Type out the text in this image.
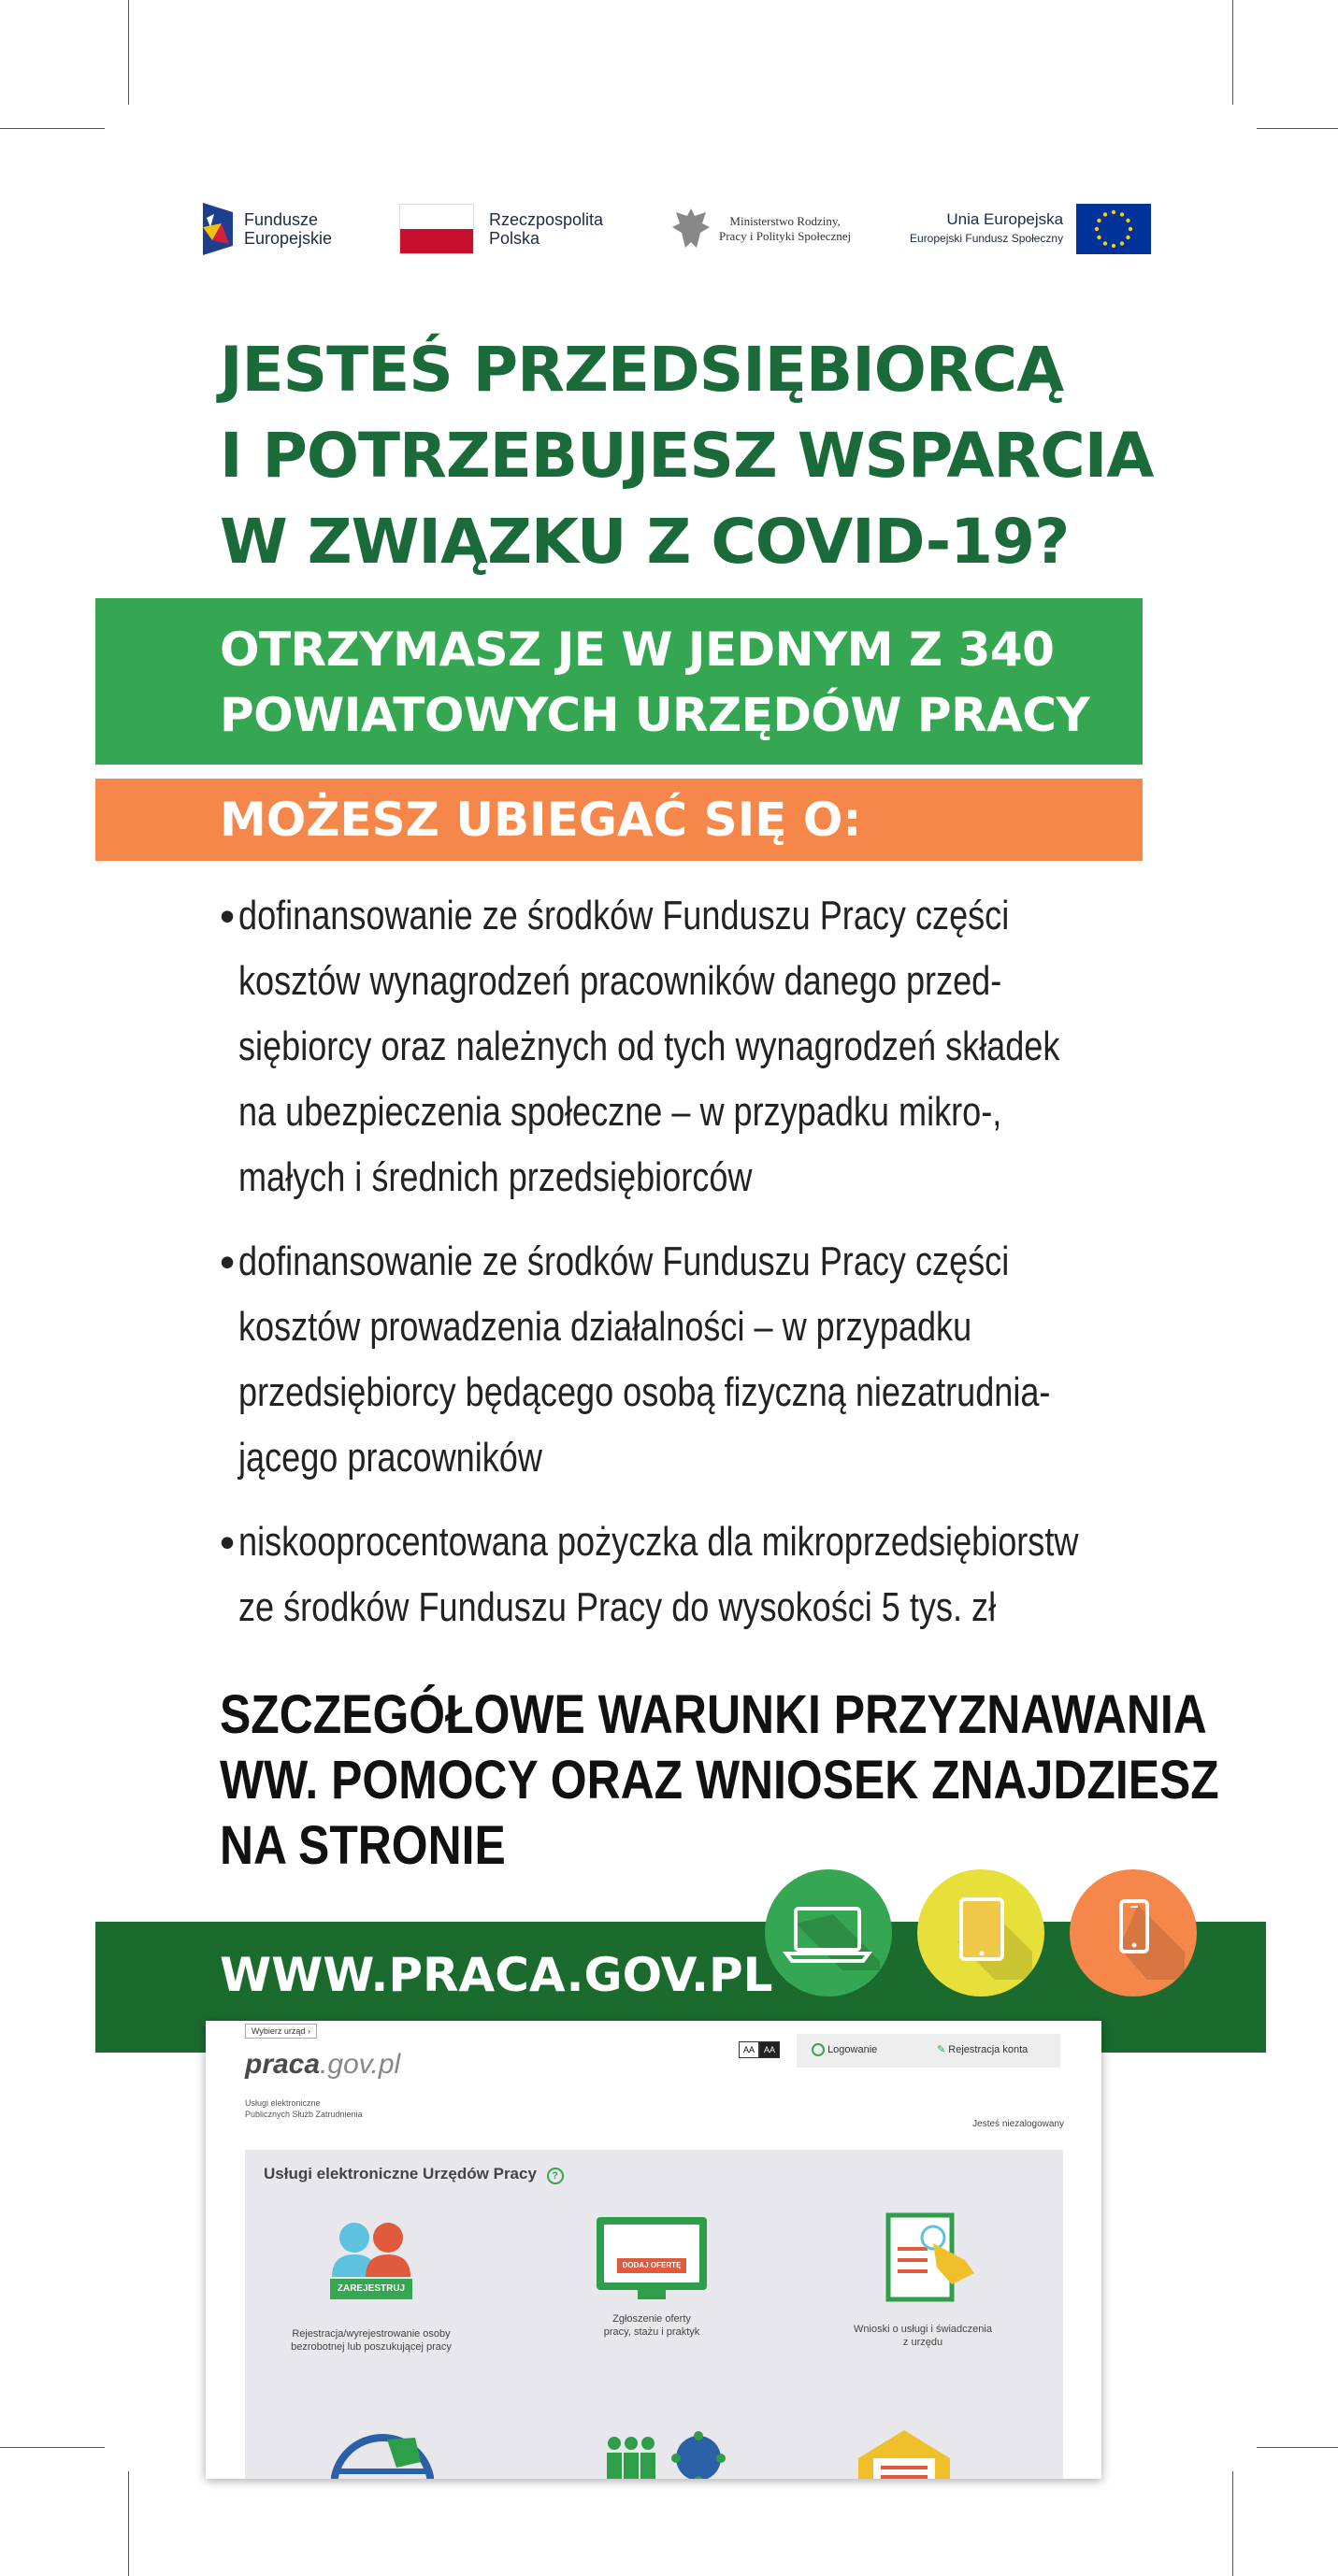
Fundusze
Europejskie
Rzeczpospolita
Polska
Ministerstwo Rodziny,
Pracy i Polityki Społecznej
Unia Europejska
Europejski Fundusz Społeczny
JESTEŚ PRZEDSIĘBIORCĄ
I POTRZEBUJESZ WSPARCIA
W ZWIĄZKU Z COVID-19?
OTRZYMASZ JE W JEDNYM Z 340
POWIATOWYCH URZĘDÓW PRACY
MOŻESZ UBIEGAĆ SIĘ O:
• dofinansowanie ze środków Funduszu Pracy części
kosztów wynagrodzeń pracowników danego przed-
siębiorcy oraz należnych od tych wynagrodzeń składek
na ubezpieczenia społeczne – w przypadku mikro-,
małych i średnich przedsiębiorców
• dofinansowanie ze środków Funduszu Pracy części
kosztów prowadzenia działalności – w przypadku
przedsiębiorcy będącego osobą fizyczną niezatrudnia-
jącego pracowników
• niskooprocentowana pożyczka dla mikroprzedsiębiorstw
ze środków Funduszu Pracy do wysokości 5 tys. zł
SZCZEGÓŁOWE WARUNKI PRZYZNAWANIA
WW. POMOCY ORAZ WNIOSEK ZNAJDZIESZ
NA STRONIE
WWW.PRACA.GOV.PL
Wybierz urząd ›
praca.gov.pl
Usługi elektroniczne
Publicznych Służb Zatrudnienia
AA	AA	Logowanie	✎ Rejestracja konta
Jesteś niezalogowany
Usługi elektroniczne Urzędów Pracy ?
ZAREJESTRUJ
Rejestracja/wyrejestrowanie osoby
bezrobotnej lub poszukującej pracy
DODAJ OFERTĘ
Zgłoszenie oferty
pracy, stażu i praktyk	Wnioski o usługi i świadczenia
z urzędu
